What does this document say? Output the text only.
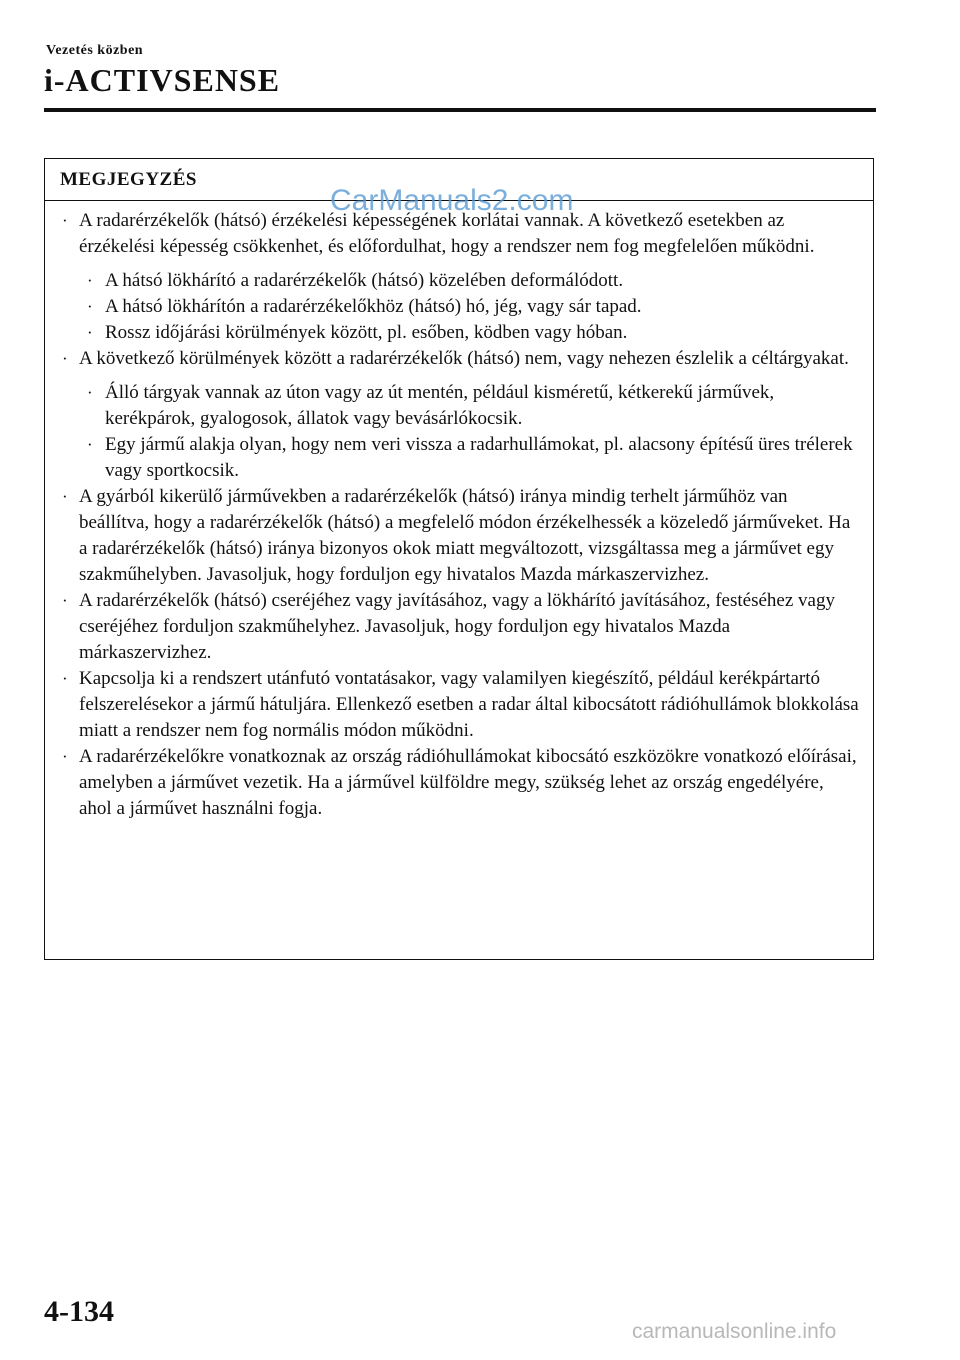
Vezetés közben
i-ACTIVSENSE
MEGJEGYZÉS
· A radarérzékelők (hátsó) érzékelési képességének korlátai vannak. A következő esetekben az érzékelési képesség csökkenhet, és előfordulhat, hogy a rendszer nem fog megfelelően működni.
· A hátsó lökhárító a radarérzékelők (hátsó) közelében deformálódott.
· A hátsó lökhárítón a radarérzékelőkhöz (hátsó) hó, jég, vagy sár tapad.
· Rossz időjárási körülmények között, pl. esőben, ködben vagy hóban.
· A következő körülmények között a radarérzékelők (hátsó) nem, vagy nehezen észlelik a céltárgyakat.
· Álló tárgyak vannak az úton vagy az út mentén, például kisméretű, kétkerekű járművek, kerékpárok, gyalogosok, állatok vagy bevásárlókocsik.
· Egy jármű alakja olyan, hogy nem veri vissza a radarhullámokat, pl. alacsony építésű üres trélerek vagy sportkocsik.
· A gyárból kikerülő járművekben a radarérzékelők (hátsó) iránya mindig terhelt járműhöz van beállítva, hogy a radarérzékelők (hátsó) a megfelelő módon érzékelhessék a közeledő járműveket. Ha a radarérzékelők (hátsó) iránya bizonyos okok miatt megváltozott, vizsgáltassa meg a járművet egy szakműhelyben. Javasoljuk, hogy forduljon egy hivatalos Mazda márkaszervizhez.
· A radarérzékelők (hátsó) cseréjéhez vagy javításához, vagy a lökhárító javításához, festéséhez vagy cseréjéhez forduljon szakműhelyhez. Javasoljuk, hogy forduljon egy hivatalos Mazda márkaszervizhez.
· Kapcsolja ki a rendszert utánfutó vontatásakor, vagy valamilyen kiegészítő, például kerékpártartó felszerelésekor a jármű hátuljára. Ellenkező esetben a radar által kibocsátott rádióhullámok blokkolása miatt a rendszer nem fog normális módon működni.
· A radarérzékelőkre vonatkoznak az ország rádióhullámokat kibocsátó eszközökre vonatkozó előírásai, amelyben a járművet vezetik. Ha a járművel külföldre megy, szükség lehet az ország engedélyére, ahol a járművet használni fogja.
CarManuals2.com
4-134
carmanualsonline.info
